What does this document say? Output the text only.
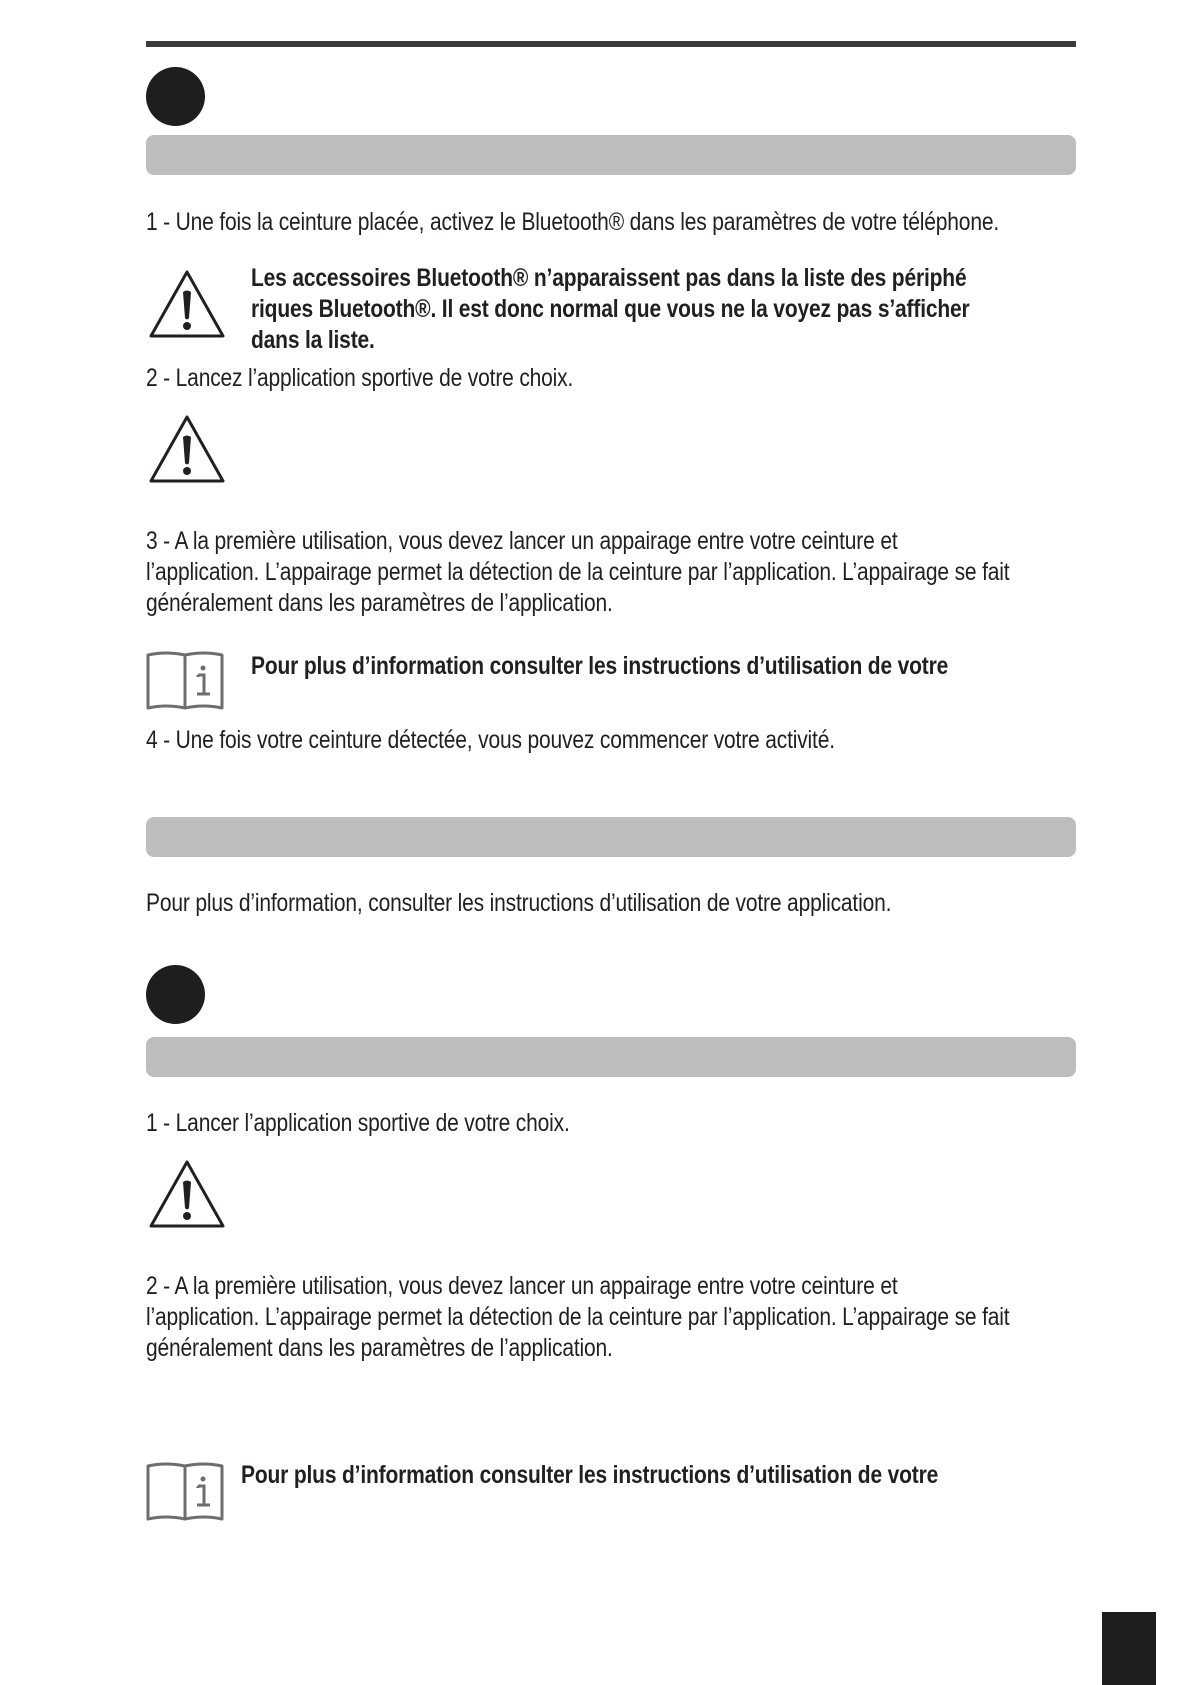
1 - Une fois la ceinture placée, activez le Bluetooth® dans les paramètres de votre téléphone.
Les accessoires Bluetooth® n’apparaissent pas dans la liste des périphé
riques Bluetooth®. Il est donc normal que vous ne la voyez pas s’afficher
dans la liste.
2 - Lancez l’application sportive de votre choix.
3 - A la première utilisation, vous devez lancer un appairage entre votre ceinture et
l’application. L’appairage permet la détection de la ceinture par l’application. L’appairage se fait
généralement dans les paramètres de l’application.
Pour plus d’information consulter les instructions d’utilisation de votre
4 - Une fois votre ceinture détectée, vous pouvez commencer votre activité.
Pour plus d’information, consulter les instructions d’utilisation de votre application.
1 - Lancer l’application sportive de votre choix.
2 - A la première utilisation, vous devez lancer un appairage entre votre ceinture et
l’application. L’appairage permet la détection de la ceinture par l’application. L’appairage se fait
généralement dans les paramètres de l’application.
Pour plus d’information consulter les instructions d’utilisation de votre
